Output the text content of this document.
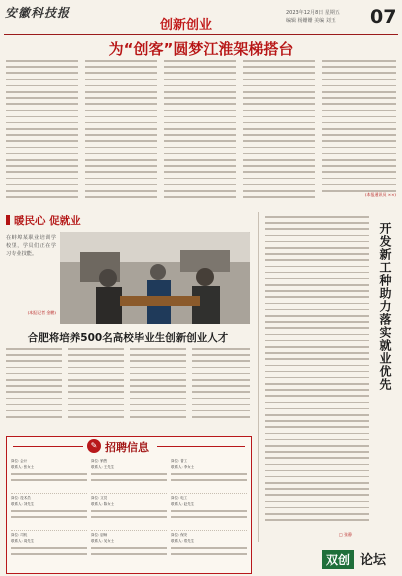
安徽科技报
创新创业
2023年12月8日 星期五
编辑 杨姗姗 美编 刘玉 07
为“创客”圆梦江淮架梯搭台
(本报通讯员 ××)
暖民心 促就业
在蚌埠某职业培训学校里，学员们正在学习专业技能。
(本报记者 金鹏)
合肥将培养500名高校毕业生创新创业人才	开发新工种助力落实就业优先
□ 张静
✎ 招聘信息
岗位: 会计
联系人: 张女士
岗位: 销售
联系人: 王先生
岗位: 普工
联系人: 李女士
岗位: 技术员
联系人: 刘先生
岗位: 文员
联系人: 陈女士
岗位: 电工
联系人: 赵先生
岗位: 司机
联系人: 周先生
岗位: 厨师
联系人: 吴女士
岗位: 保安
联系人: 郑先生
双创 论坛
